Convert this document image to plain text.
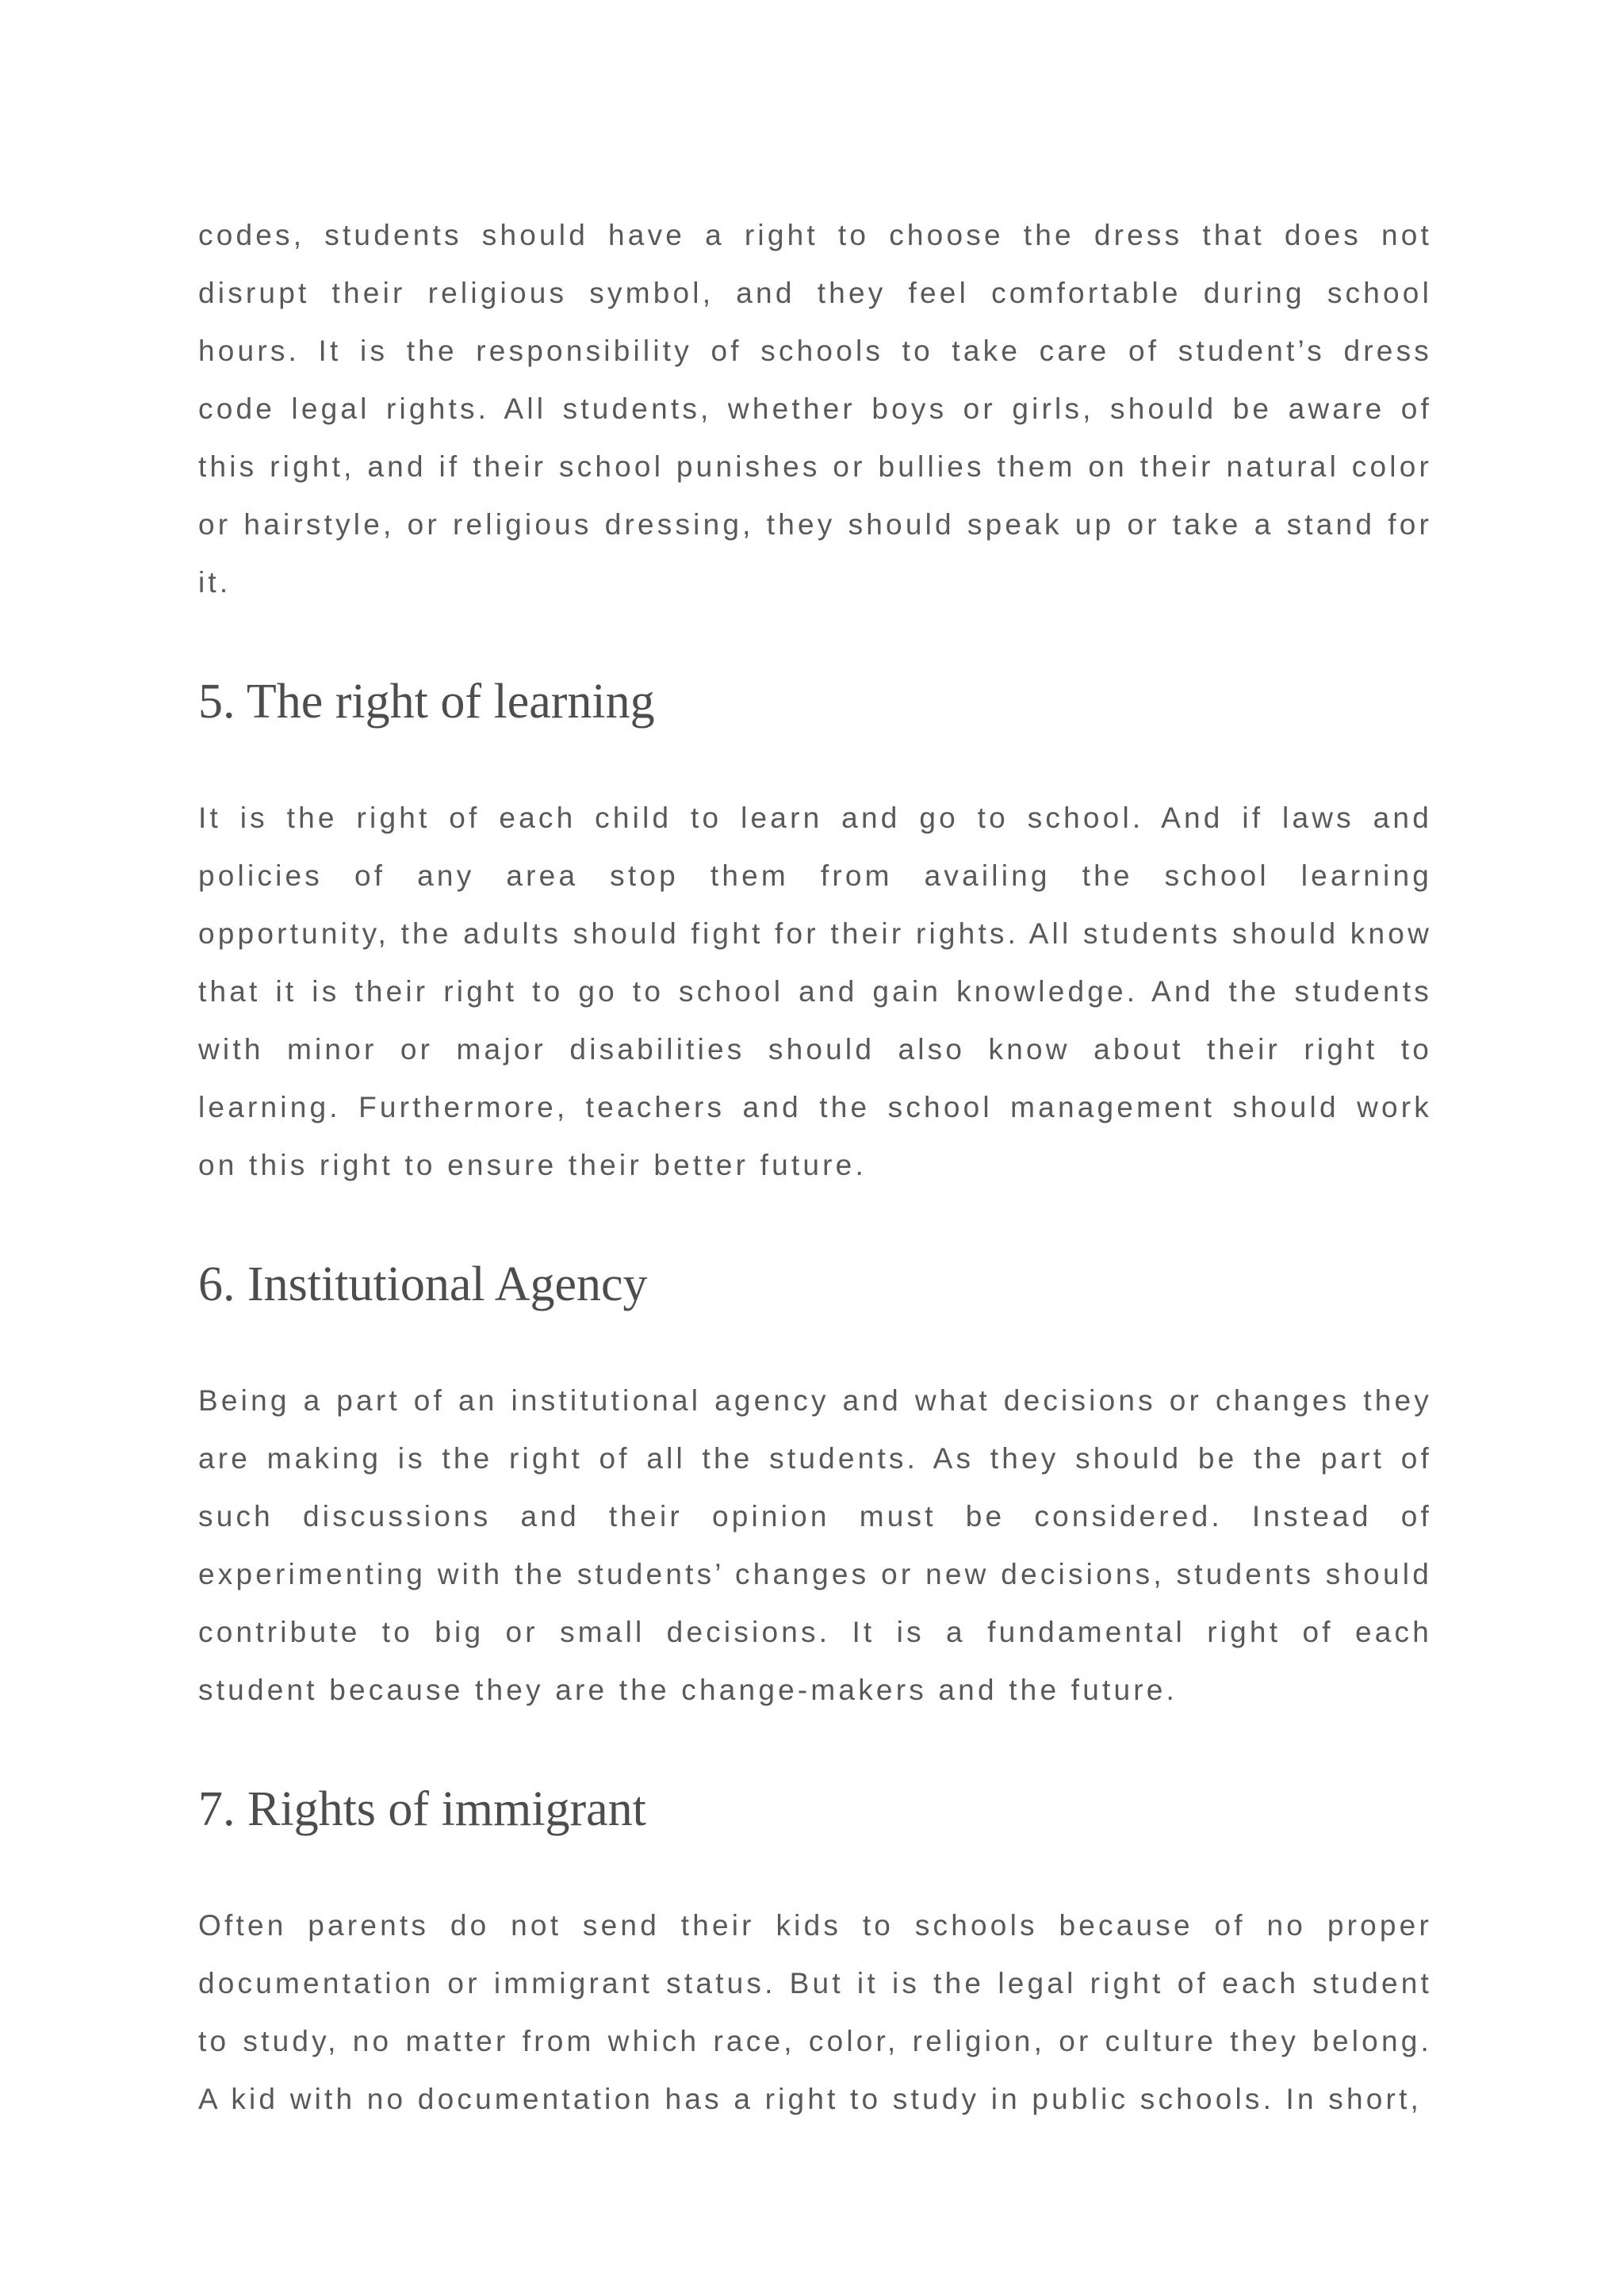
codes, students should have a right to choose the dress that does not disrupt their religious symbol, and they feel comfortable during school hours. It is the responsibility of schools to take care of student’s dress code legal rights. All students, whether boys or girls, should be aware of this right, and if their school punishes or bullies them on their natural color or hairstyle, or religious dressing, they should speak up or take a stand for it.

5. The right of learning

It is the right of each child to learn and go to school. And if laws and policies of any area stop them from availing the school learning opportunity, the adults should fight for their rights. All students should know that it is their right to go to school and gain knowledge. And the students with minor or major disabilities should also know about their right to learning. Furthermore, teachers and the school management should work on this right to ensure their better future.

6. Institutional Agency

Being a part of an institutional agency and what decisions or changes they are making is the right of all the students. As they should be the part of such discussions and their opinion must be considered. Instead of experimenting with the students’ changes or new decisions, students should contribute to big or small decisions. It is a fundamental right of each student because they are the change-makers and the future.

7. Rights of immigrant

Often parents do not send their kids to schools because of no proper documentation or immigrant status. But it is the legal right of each student to study, no matter from which race, color, religion, or culture they belong. A kid with no documentation has a right to study in public schools. In short,
